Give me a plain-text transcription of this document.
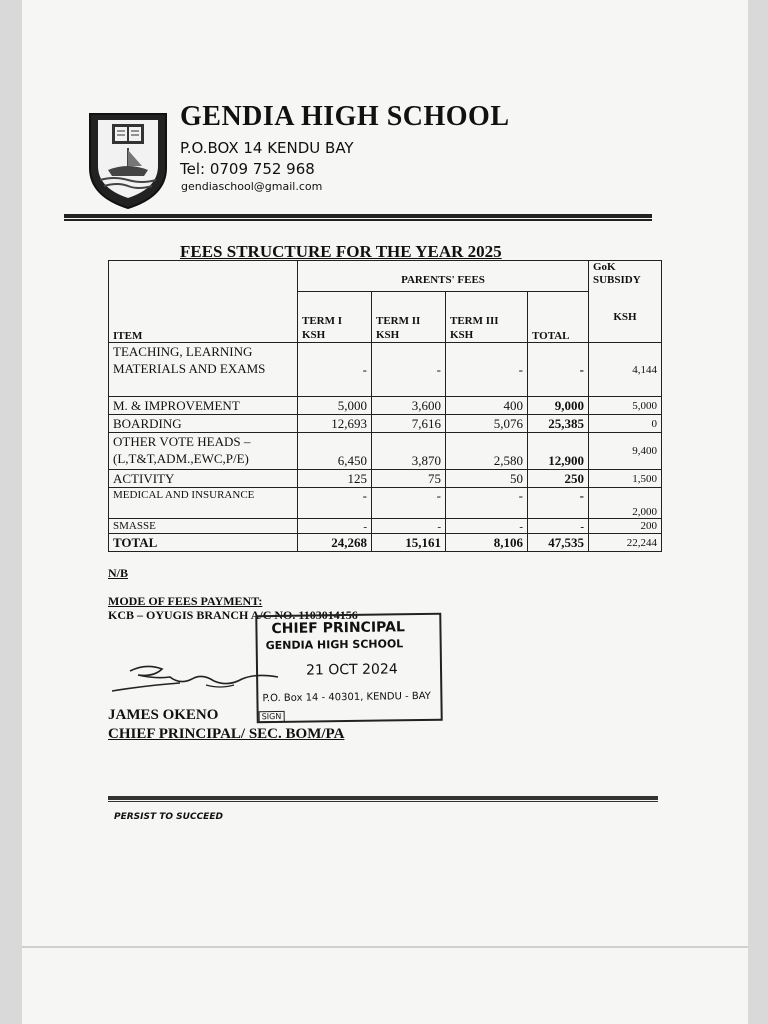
GENDIA HIGH SCHOOL
P.O.BOX 14 KENDU BAY
Tel: 0709 752 968
gendiaschool@gmail.com
FEES STRUCTURE FOR THE YEAR 2025
	PARENTS' FEES				GoK SUBSIDY
ITEM	TERM I KSH	TERM II KSH	TERM III KSH	TOTAL	KSH
TEACHING, LEARNING MATERIALS AND EXAMS	-	-	-	-	4,144
M. & IMPROVEMENT	5,000	3,600	400	9,000	5,000
BOARDING	12,693	7,616	5,076	25,385	0
OTHER VOTE HEADS – (L,T&T,ADM.,EWC,P/E)	6,450	3,870	2,580	12,900	9,400
ACTIVITY	125	75	50	250	1,500
MEDICAL AND INSURANCE	-	-	-	-	2,000
SMASSE	-	-	-	-	200
TOTAL	24,268	15,161	8,106	47,535	22,244
N/B
MODE OF FEES PAYMENT:
KCB – OYUGIS BRANCH A/C NO. 1103014156
CHIEF PRINCIPAL
GENDIA HIGH SCHOOL
21 OCT 2024
P.O. Box 14 - 40301, KENDU - BAY
SIGN
JAMES OKENO
CHIEF PRINCIPAL/ SEC. BOM/PA
PERSIST TO SUCCEED
